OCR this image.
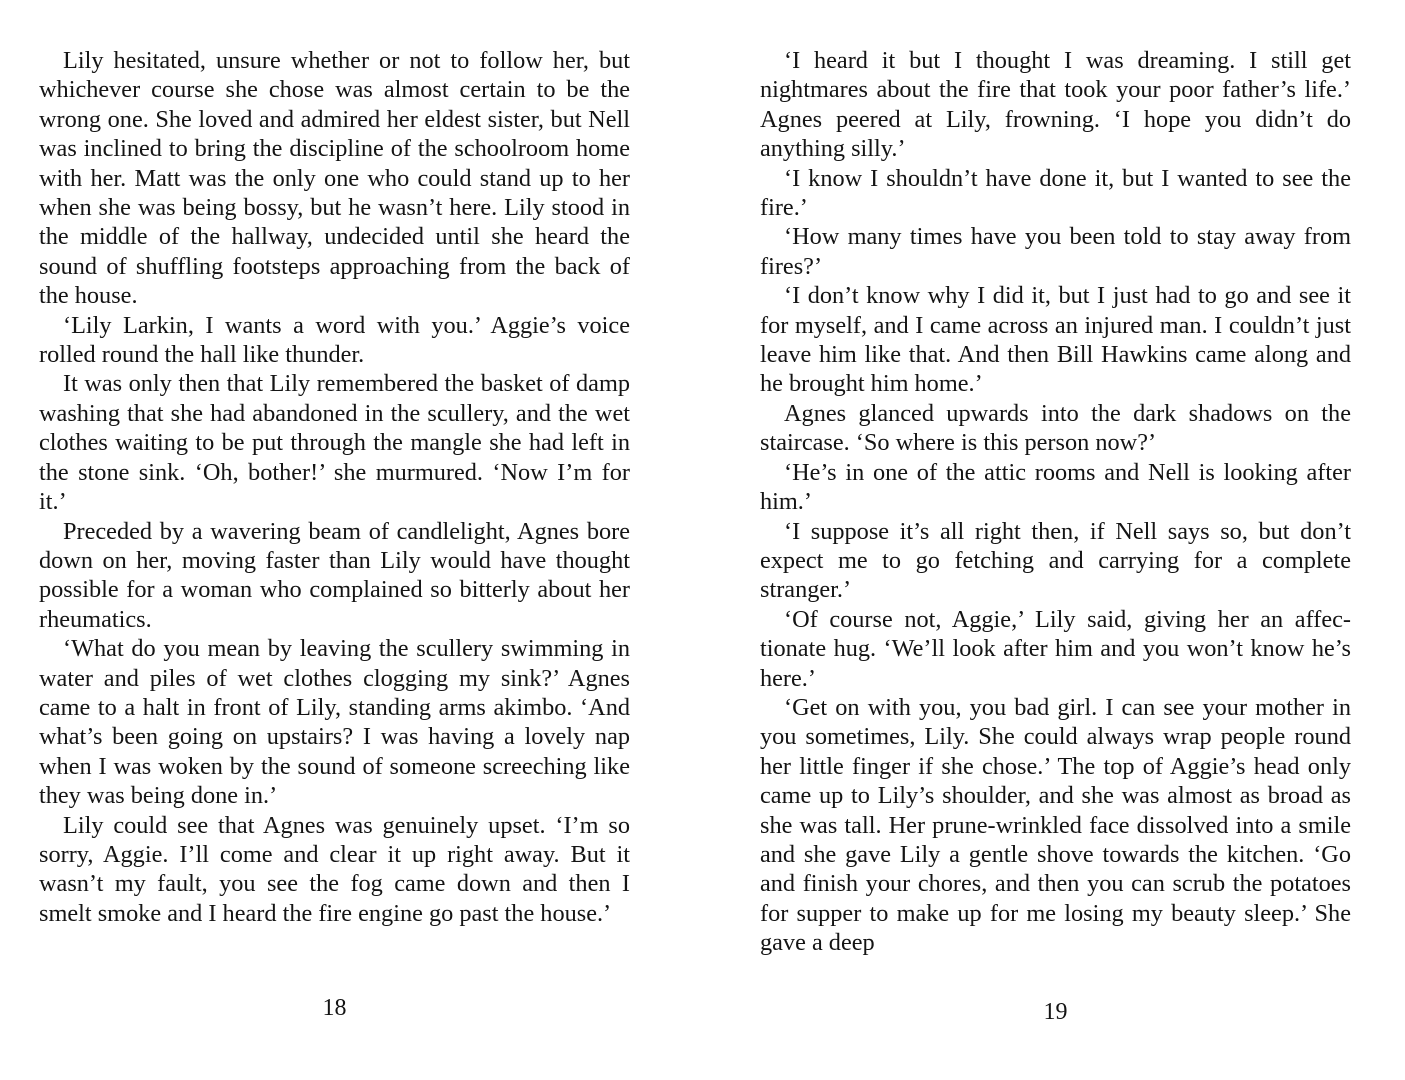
Lily hesitated, unsure whether or not to follow her, but whichever course she chose was almost certain to be the wrong one. She loved and admired her eldest sister, but Nell was inclined to bring the discipline of the schoolroom home with her. Matt was the only one who could stand up to her when she was being bossy, but he wasn’t here. Lily stood in the middle of the hallway, undecided until she heard the sound of shuffling footsteps approaching from the back of the house.

‘Lily Larkin, I wants a word with you.’ Aggie’s voice rolled round the hall like thunder.

It was only then that Lily remembered the basket of damp washing that she had abandoned in the scullery, and the wet clothes waiting to be put through the mangle she had left in the stone sink. ‘Oh, bother!’ she murmured. ‘Now I’m for it.’

Preceded by a wavering beam of candlelight, Agnes bore down on her, moving faster than Lily would have thought possible for a woman who complained so bitterly about her rheumatics.

‘What do you mean by leaving the scullery swimming in water and piles of wet clothes clogging my sink?’ Agnes came to a halt in front of Lily, standing arms akimbo. ‘And what’s been going on upstairs? I was having a lovely nap when I was woken by the sound of someone screeching like they was being done in.’

Lily could see that Agnes was genuinely upset. ‘I’m so sorry, Aggie. I’ll come and clear it up right away. But it wasn’t my fault, you see the fog came down and then I smelt smoke and I heard the fire engine go past the house.’

18

‘I heard it but I thought I was dreaming. I still get nightmares about the fire that took your poor father’s life.’ Agnes peered at Lily, frowning. ‘I hope you didn’t do anything silly.’

‘I know I shouldn’t have done it, but I wanted to see the fire.’

‘How many times have you been told to stay away from fires?’

‘I don’t know why I did it, but I just had to go and see it for myself, and I came across an injured man. I couldn’t just leave him like that. And then Bill Hawkins came along and he brought him home.’

Agnes glanced upwards into the dark shadows on the staircase. ‘So where is this person now?’

‘He’s in one of the attic rooms and Nell is looking after him.’

‘I suppose it’s all right then, if Nell says so, but don’t expect me to go fetching and carrying for a complete stranger.’

‘Of course not, Aggie,’ Lily said, giving her an affectionate hug. ‘We’ll look after him and you won’t know he’s here.’

‘Get on with you, you bad girl. I can see your mother in you sometimes, Lily. She could always wrap people round her little finger if she chose.’ The top of Aggie’s head only came up to Lily’s shoulder, and she was almost as broad as she was tall. Her prune-wrinkled face dissolved into a smile and she gave Lily a gentle shove towards the kitchen. ‘Go and finish your chores, and then you can scrub the potatoes for supper to make up for me losing my beauty sleep.’ She gave a deep

19
